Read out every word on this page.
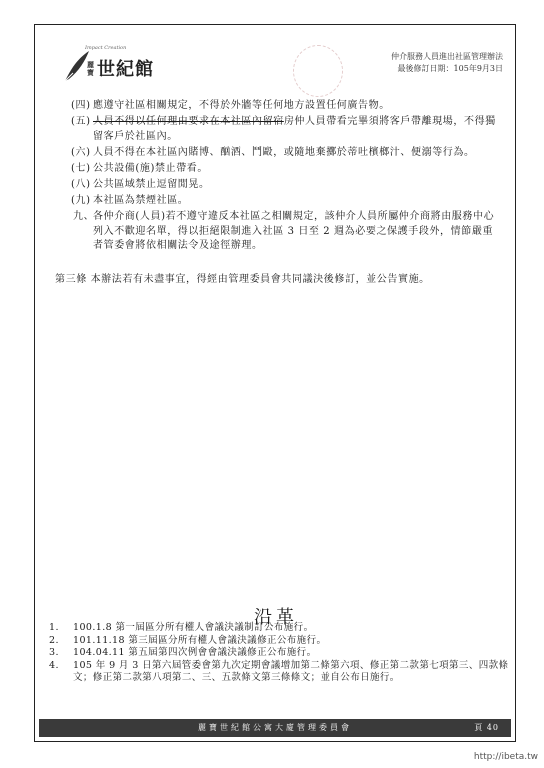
Impact Creation
麗寶 世紀館
仲介服務人員進出社區管理辦法
最後修訂日期：105年9月3日
(四) 應遵守社區相關規定，不得於外牆等任何地方設置任何廣告物。
(五) 人員不得以任何理由要求在本社區內留宿房仲人員帶看完畢須將客戶帶離現場，不得獨留客戶於社區內。
(六) 人員不得在本社區內賭博、酗酒、鬥毆，或隨地棄擲於蒂吐檳榔汁、便溺等行為。
(七) 公共設備(施)禁止帶看。
(八) 公共區域禁止逗留閒晃。
(九) 本社區為禁煙社區。
九、
各仲介商(人員)若不遵守違反本社區之相關規定，該仲介人員所屬仲介商將由服務中心列入不歡迎名單，得以拒絕限制進入社區 3 日至 2 週為必要之保護手段外，情節嚴重者管委會將依相關法令及途徑辦理。
第三條 本辦法若有未盡事宜，得經由管理委員會共同議決後修訂，並公告實施。
沿革
1. 100.1.8 第一屆區分所有權人會議決議制訂公布施行。
2. 101.11.18 第三屆區分所有權人會議決議修正公布施行。
3. 104.04.11 第五屆第四次例會會議決議修正公布施行。
4. 105 年 9 月 3 日第六屆管委會第九次定期會議增加第二條第六項、修正第二款第七項第三、四款條文；修正第二款第八項第二、三、五款條文第三條條文；並自公布日施行。
麗寶世紀館公寓大廈管理委員會	頁 40
http://ibeta.tw
